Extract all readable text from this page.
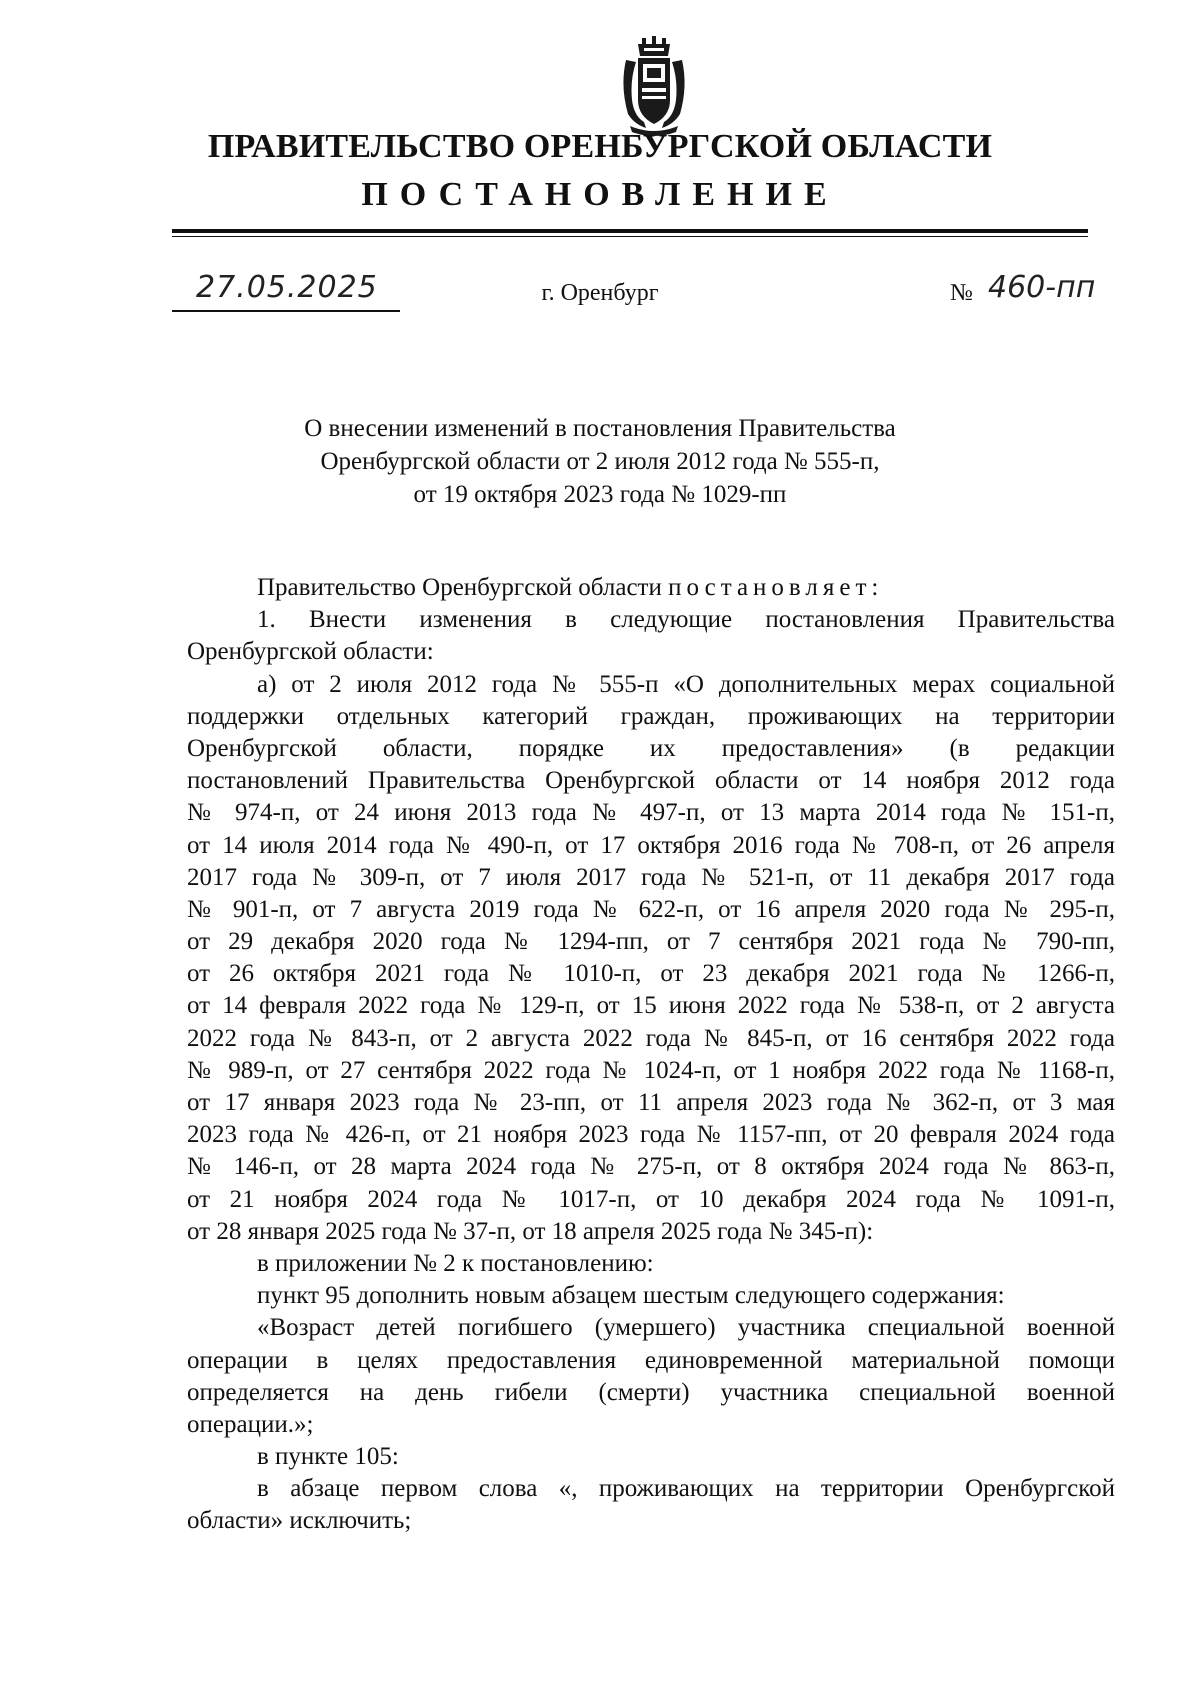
ПРАВИТЕЛЬСТВО ОРЕНБУРГСКОЙ ОБЛАСТИ
ПОСТАНОВЛЕНИЕ
27.05.2025	г. Оренбург	№ 460-пп
О внесении изменений в постановления Правительства
Оренбургской области от 2 июля 2012 года № 555-п,
от 19 октября 2023 года № 1029-пп
Правительство Оренбургской области постановляет:
1. Внести изменения в следующие постановления Правительства
Оренбургской области:
а) от 2 июля 2012 года № 555-п «О дополнительных мерах социальной
поддержки отдельных категорий граждан, проживающих на территории
Оренбургской области, порядке их предоставления» (в редакции
постановлений Правительства Оренбургской области от 14 ноября 2012 года
№ 974-п, от 24 июня 2013 года № 497-п, от 13 марта 2014 года № 151-п,
от 14 июля 2014 года № 490-п, от 17 октября 2016 года № 708-п, от 26 апреля
2017 года № 309-п, от 7 июля 2017 года № 521-п, от 11 декабря 2017 года
№ 901-п, от 7 августа 2019 года № 622-п, от 16 апреля 2020 года № 295-п,
от 29 декабря 2020 года № 1294-пп, от 7 сентября 2021 года № 790-пп,
от 26 октября 2021 года № 1010-п, от 23 декабря 2021 года № 1266-п,
от 14 февраля 2022 года № 129-п, от 15 июня 2022 года № 538-п, от 2 августа
2022 года № 843-п, от 2 августа 2022 года № 845-п, от 16 сентября 2022 года
№ 989-п, от 27 сентября 2022 года № 1024-п, от 1 ноября 2022 года № 1168-п,
от 17 января 2023 года № 23-пп, от 11 апреля 2023 года № 362-п, от 3 мая
2023 года № 426-п, от 21 ноября 2023 года № 1157-пп, от 20 февраля 2024 года
№ 146-п, от 28 марта 2024 года № 275-п, от 8 октября 2024 года № 863-п,
от 21 ноября 2024 года № 1017-п, от 10 декабря 2024 года № 1091-п,
от 28 января 2025 года № 37-п, от 18 апреля 2025 года № 345-п):
в приложении № 2 к постановлению:
пункт 95 дополнить новым абзацем шестым следующего содержания:
«Возраст детей погибшего (умершего) участника специальной военной
операции в целях предоставления единовременной материальной помощи
определяется на день гибели (смерти) участника специальной военной
операции.»;
в пункте 105:
в абзаце первом слова «, проживающих на территории Оренбургской
области» исключить;
